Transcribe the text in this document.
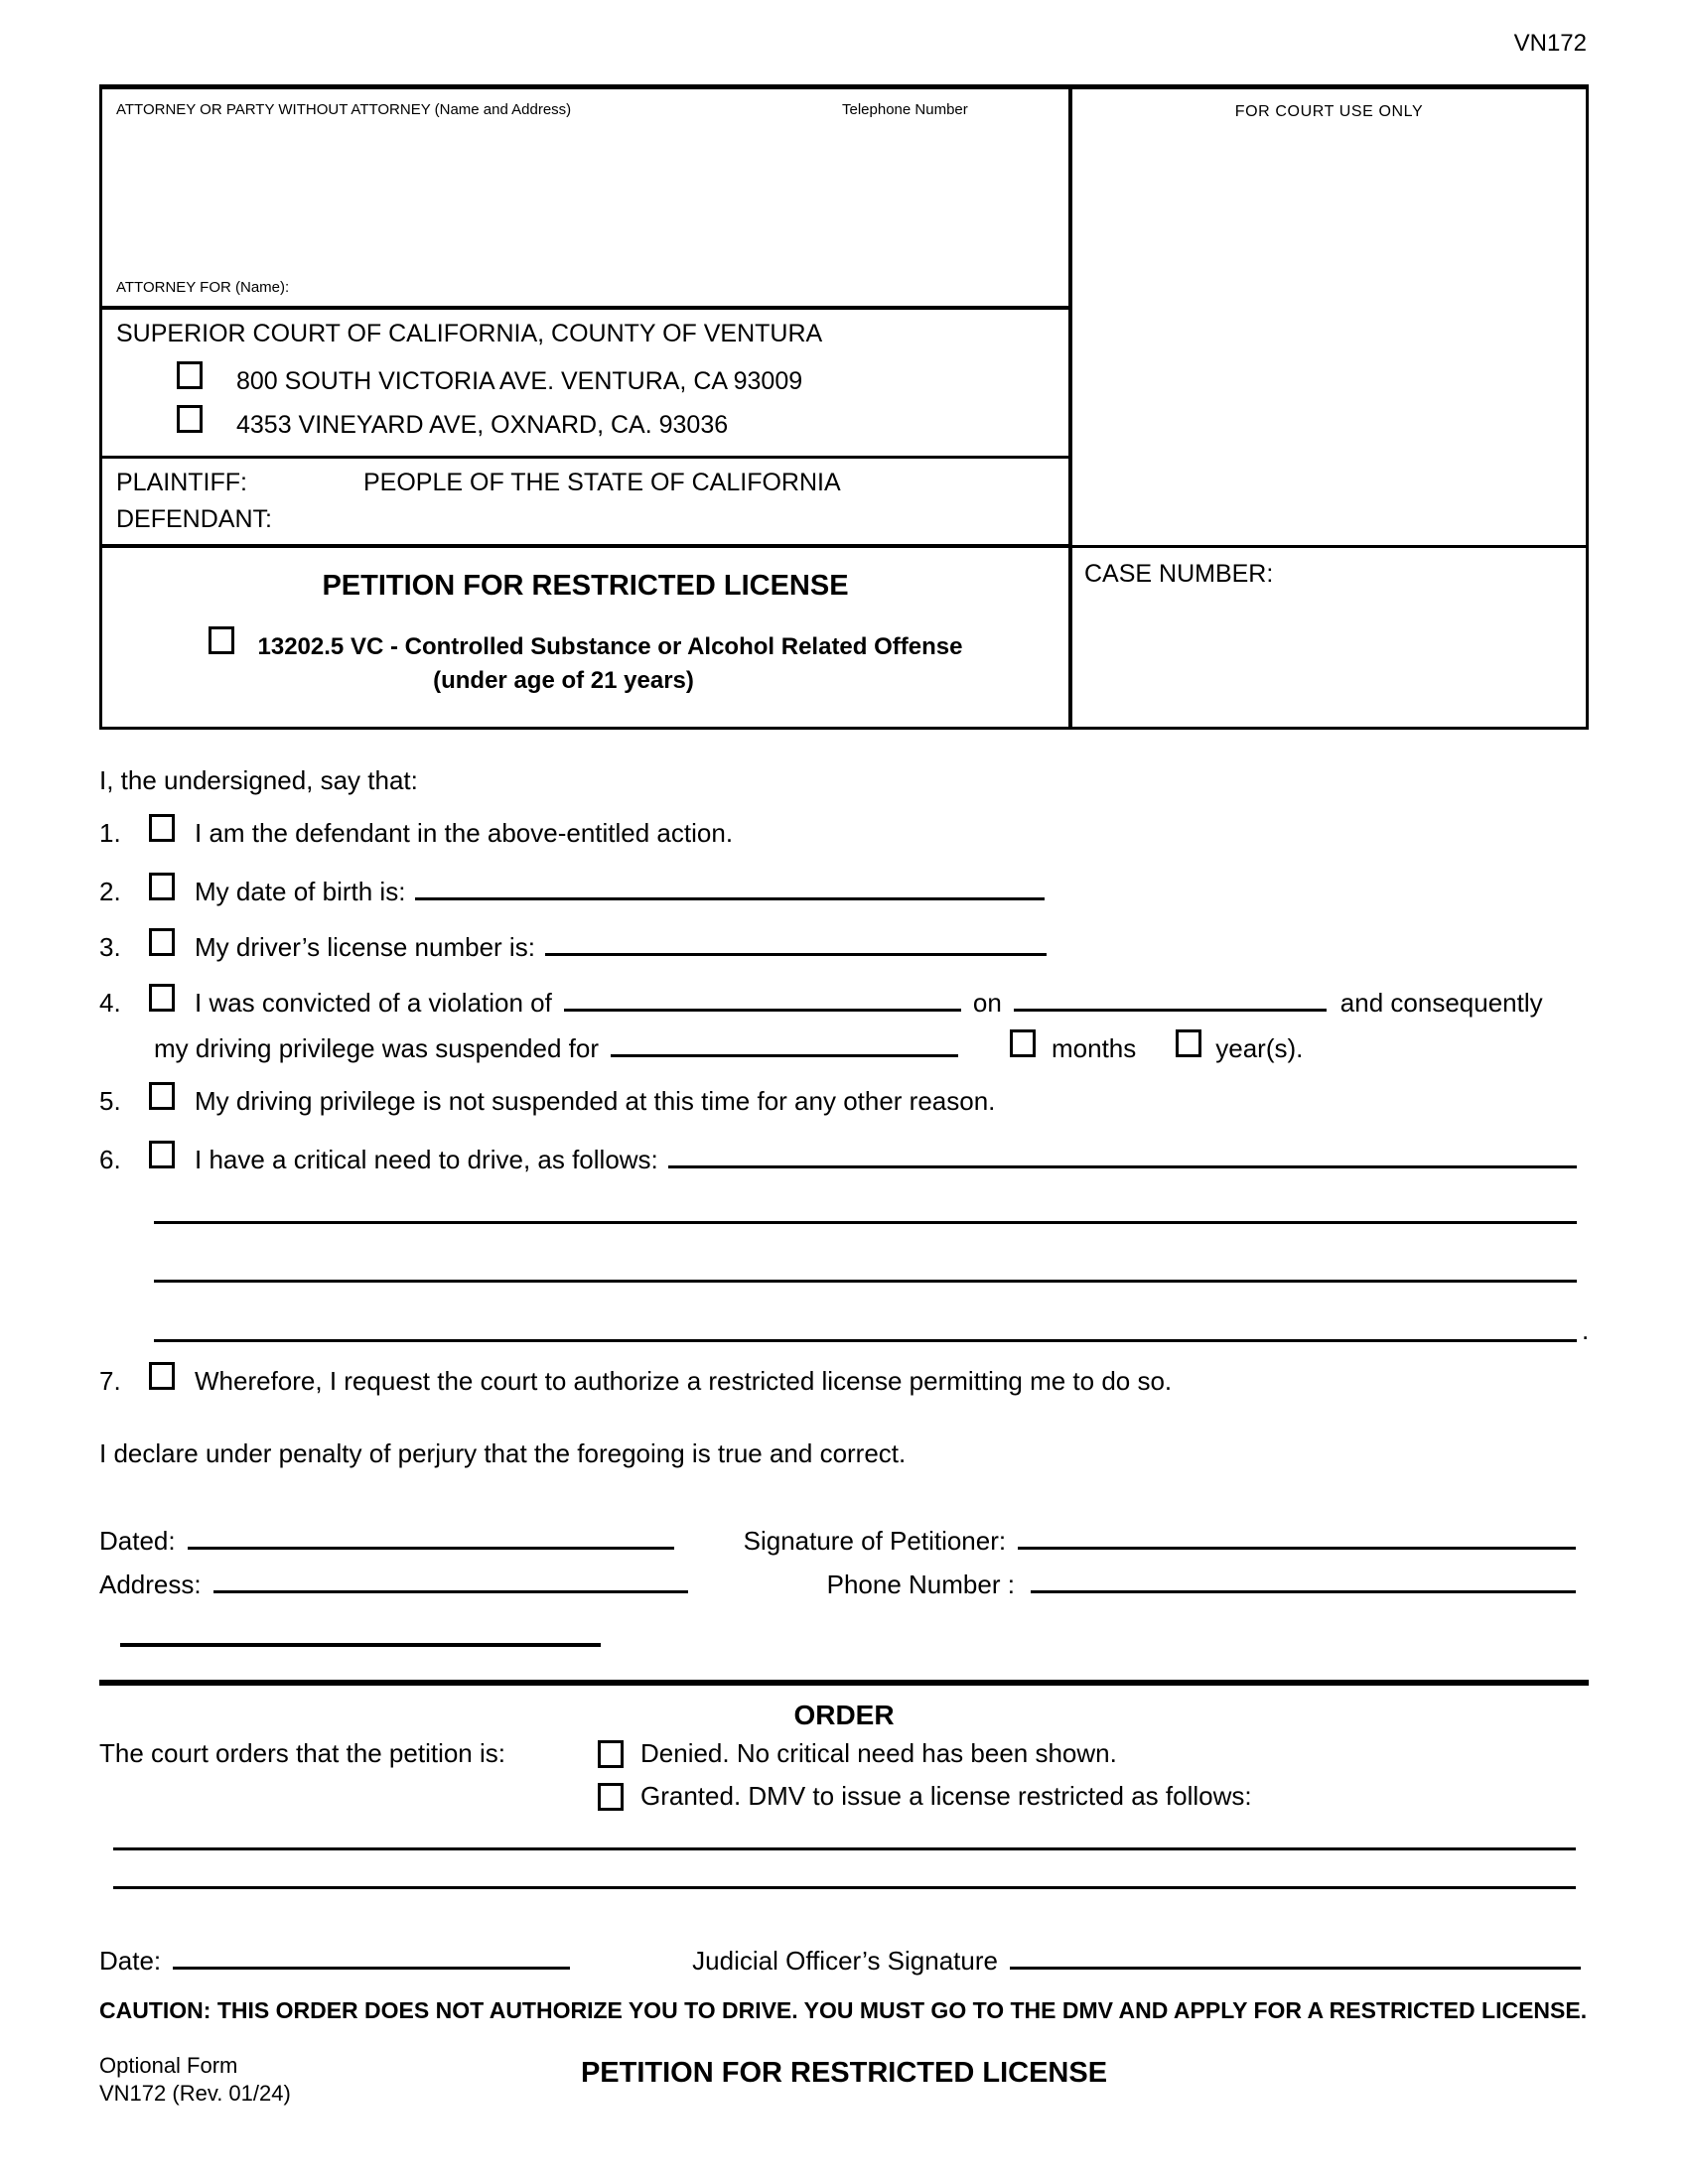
VN172
ATTORNEY OR PARTY WITHOUT ATTORNEY (Name and Address)	Telephone Number
ATTORNEY FOR (Name):
SUPERIOR COURT OF CALIFORNIA, COUNTY OF VENTURA
800 SOUTH VICTORIA AVE. VENTURA, CA 93009
4353 VINEYARD AVE, OXNARD, CA. 93036
PLAINTIFF:	PEOPLE OF THE STATE OF CALIFORNIA
DEFENDANT:
PETITION FOR RESTRICTED LICENSE
13202.5 VC - Controlled Substance or Alcohol Related Offense
(under age of 21 years)
FOR COURT USE ONLY
CASE NUMBER:
I, the undersigned, say that:
1.	I am the defendant in the above-entitled action.
2.	My date of birth is:
3.	My driver’s license number is:
4.	I was convicted of a violation of	on	and consequently
my driving privilege was suspended for	months	year(s).
5.	My driving privilege is not suspended at this time for any other reason.
6.	I have a critical need to drive, as follows:
.
7.	Wherefore, I request the court to authorize a restricted license permitting me to do so.
I declare under penalty of perjury that the foregoing is true and correct.
Dated:	Signature of Petitioner:
Address:	Phone Number :
ORDER
The court orders that the petition is:	Denied. No critical need has been shown.
Granted. DMV to issue a license restricted as follows:
Date:	Judicial Officer’s Signature
CAUTION: THIS ORDER DOES NOT AUTHORIZE YOU TO DRIVE. YOU MUST GO TO THE DMV AND APPLY FOR A RESTRICTED LICENSE.
Optional Form
VN172 (Rev. 01/24)
PETITION FOR RESTRICTED LICENSE
